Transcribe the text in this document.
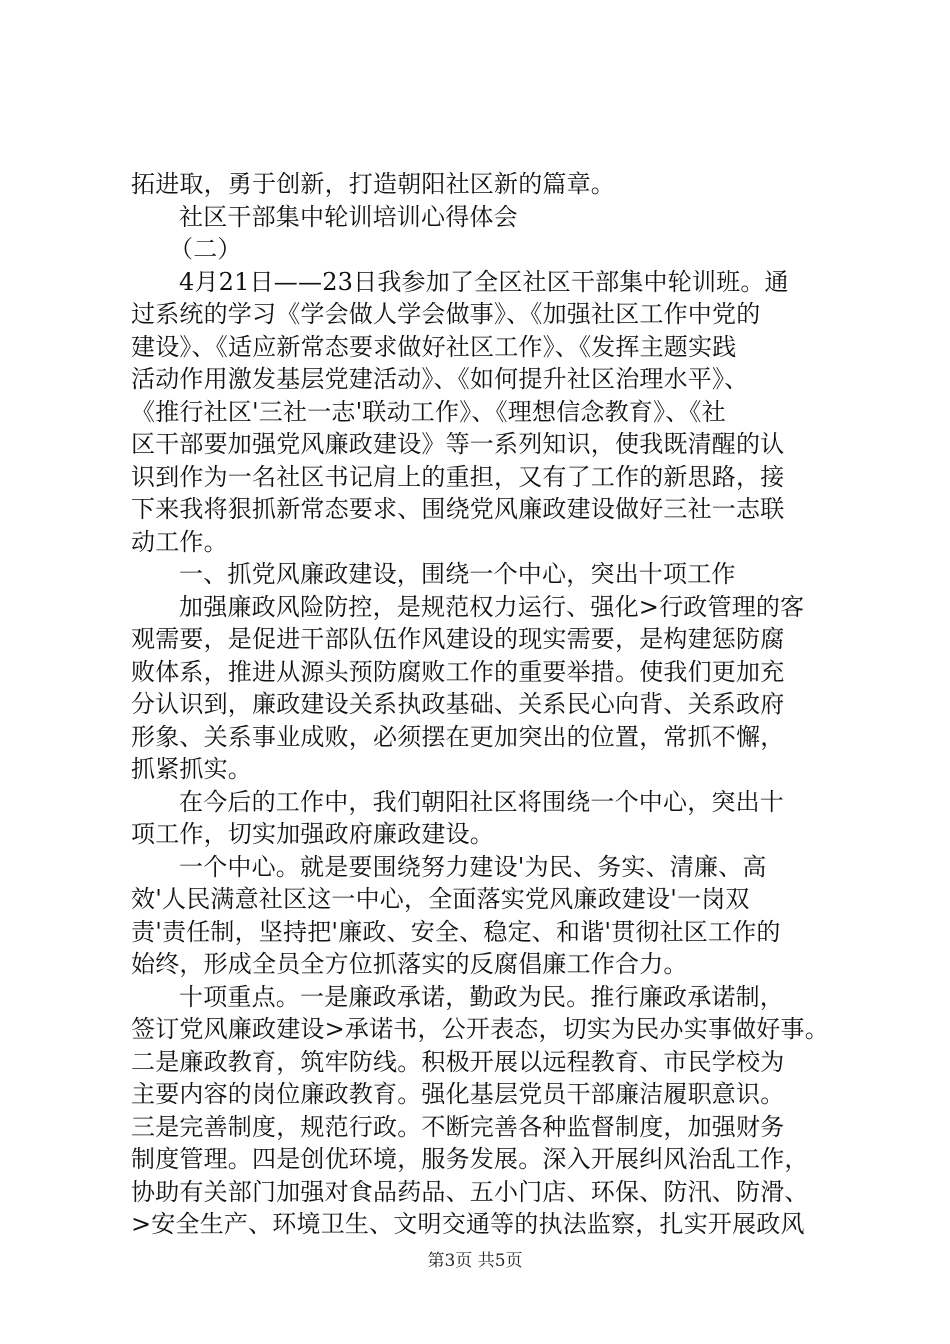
拓进取，勇于创新，打造朝阳社区新的篇章。
社区干部集中轮训培训心得体会
（二）
4月21日——23日我参加了全区社区干部集中轮训班。通
过系统的学习《学会做人学会做事》、《加强社区工作中党的
建设》、《适应新常态要求做好社区工作》、《发挥主题实践
活动作用激发基层党建活动》、《如何提升社区治理水平》、
《推行社区'三社一志'联动工作》、《理想信念教育》、《社
区干部要加强党风廉政建设》等一系列知识，使我既清醒的认
识到作为一名社区书记肩上的重担，又有了工作的新思路，接
下来我将狠抓新常态要求、围绕党风廉政建设做好三社一志联
动工作。
一、抓党风廉政建设，围绕一个中心，突出十项工作
加强廉政风险防控，是规范权力运行、强化>行政管理的客
观需要，是促进干部队伍作风建设的现实需要，是构建惩防腐
败体系，推进从源头预防腐败工作的重要举措。使我们更加充
分认识到，廉政建设关系执政基础、关系民心向背、关系政府
形象、关系事业成败，必须摆在更加突出的位置，常抓不懈，
抓紧抓实。
在今后的工作中，我们朝阳社区将围绕一个中心，突出十
项工作，切实加强政府廉政建设。
一个中心。就是要围绕努力建设'为民、务实、清廉、高
效'人民满意社区这一中心，全面落实党风廉政建设'一岗双
责'责任制，坚持把'廉政、安全、稳定、和谐'贯彻社区工作的
始终，形成全员全方位抓落实的反腐倡廉工作合力。
十项重点。一是廉政承诺，勤政为民。推行廉政承诺制，
签订党风廉政建设>承诺书，公开表态，切实为民办实事做好事。
二是廉政教育，筑牢防线。积极开展以远程教育、市民学校为
主要内容的岗位廉政教育。强化基层党员干部廉洁履职意识。
三是完善制度，规范行政。不断完善各种监督制度，加强财务
制度管理。四是创优环境，服务发展。深入开展纠风治乱工作，
协助有关部门加强对食品药品、五小门店、环保、防汛、防滑、
>安全生产、环境卫生、文明交通等的执法监察，扎实开展政风
第3页 共5页
